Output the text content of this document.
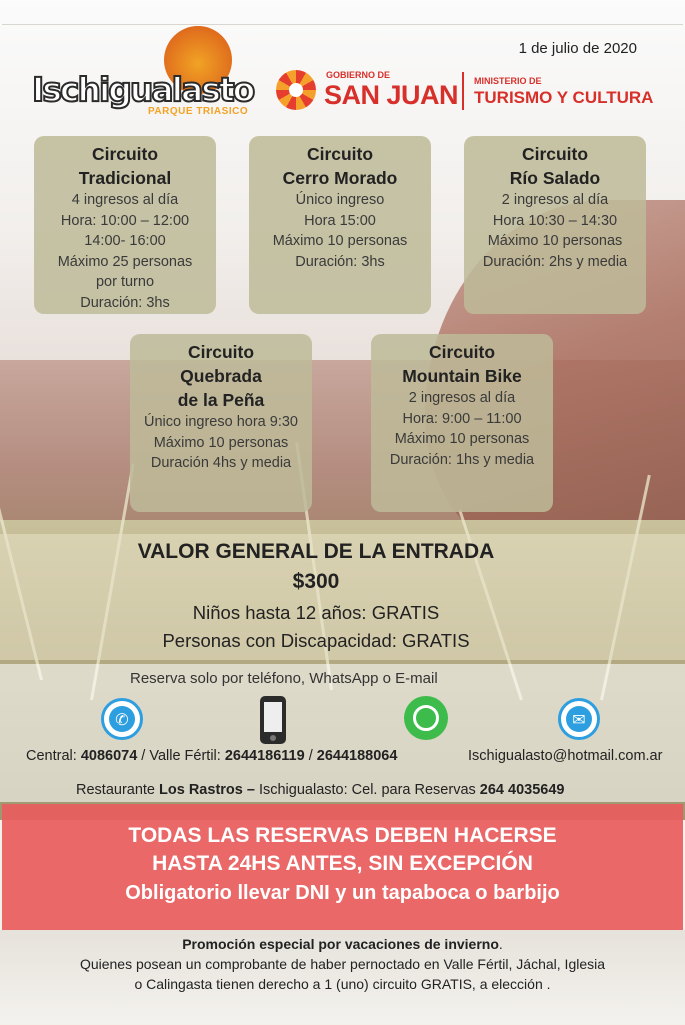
1 de julio de 2020
Ischigualasto
PARQUE TRIASICO
GOBIERNO DE
SAN JUAN MINISTERIO DE
TURISMO Y CULTURA
Circuito
Tradicional
4 ingresos al día
Hora: 10:00 – 12:00
14:00- 16:00
Máximo 25 personas
por turno
Duración: 3hs
Circuito
Cerro Morado
Único ingreso
Hora 15:00
Máximo 10 personas
Duración: 3hs
Circuito
Río Salado
2 ingresos al día
Hora 10:30 – 14:30
Máximo 10 personas
Duración: 2hs y media
Circuito
Quebrada
de la Peña
Único ingreso hora 9:30
Máximo 10 personas
Duración 4hs y media
Circuito
Mountain Bike
2 ingresos al día
Hora: 9:00 – 11:00
Máximo 10 personas
Duración: 1hs y media
VALOR GENERAL DE LA ENTRADA
$300
Niños hasta 12 años: GRATIS
Personas con Discapacidad: GRATIS
Reserva solo por teléfono, WhatsApp o E-mail
✆	✉
Central: 4086074 / Valle Fértil: 2644186119 / 2644188064	Ischigualasto@hotmail.com.ar
Restaurante Los Rastros – Ischigualasto: Cel. para Reservas 264 4035649
TODAS LAS RESERVAS DEBEN HACERSE
HASTA 24HS ANTES, SIN EXCEPCIÓN
Obligatorio llevar DNI y un tapaboca o barbijo
Promoción especial por vacaciones de invierno.
Quienes posean un comprobante de haber pernoctado en Valle Fértil, Jáchal, Iglesia
o Calingasta tienen derecho a 1 (uno) circuito GRATIS, a elección .
